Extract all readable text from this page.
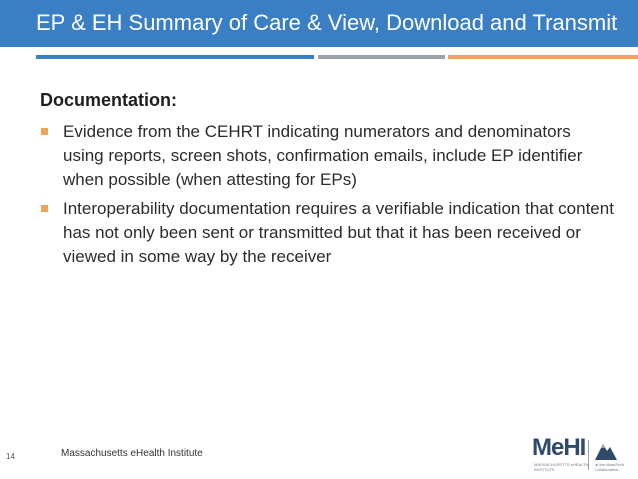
EP & EH Summary of Care & View, Download and Transmit
Documentation:
Evidence from the CEHRT indicating numerators and denominators using reports, screen shots, confirmation emails, include EP identifier when possible (when attesting for EPs)
Interoperability documentation requires a verifiable indication that content has not only been sent or transmitted but that it has been received or viewed in some way by the receiver
14	Massachusetts eHealth Institute	MeHI
MASSACHUSETTS eHEALTH INSTITUTE
at the MassTech Collaborative
